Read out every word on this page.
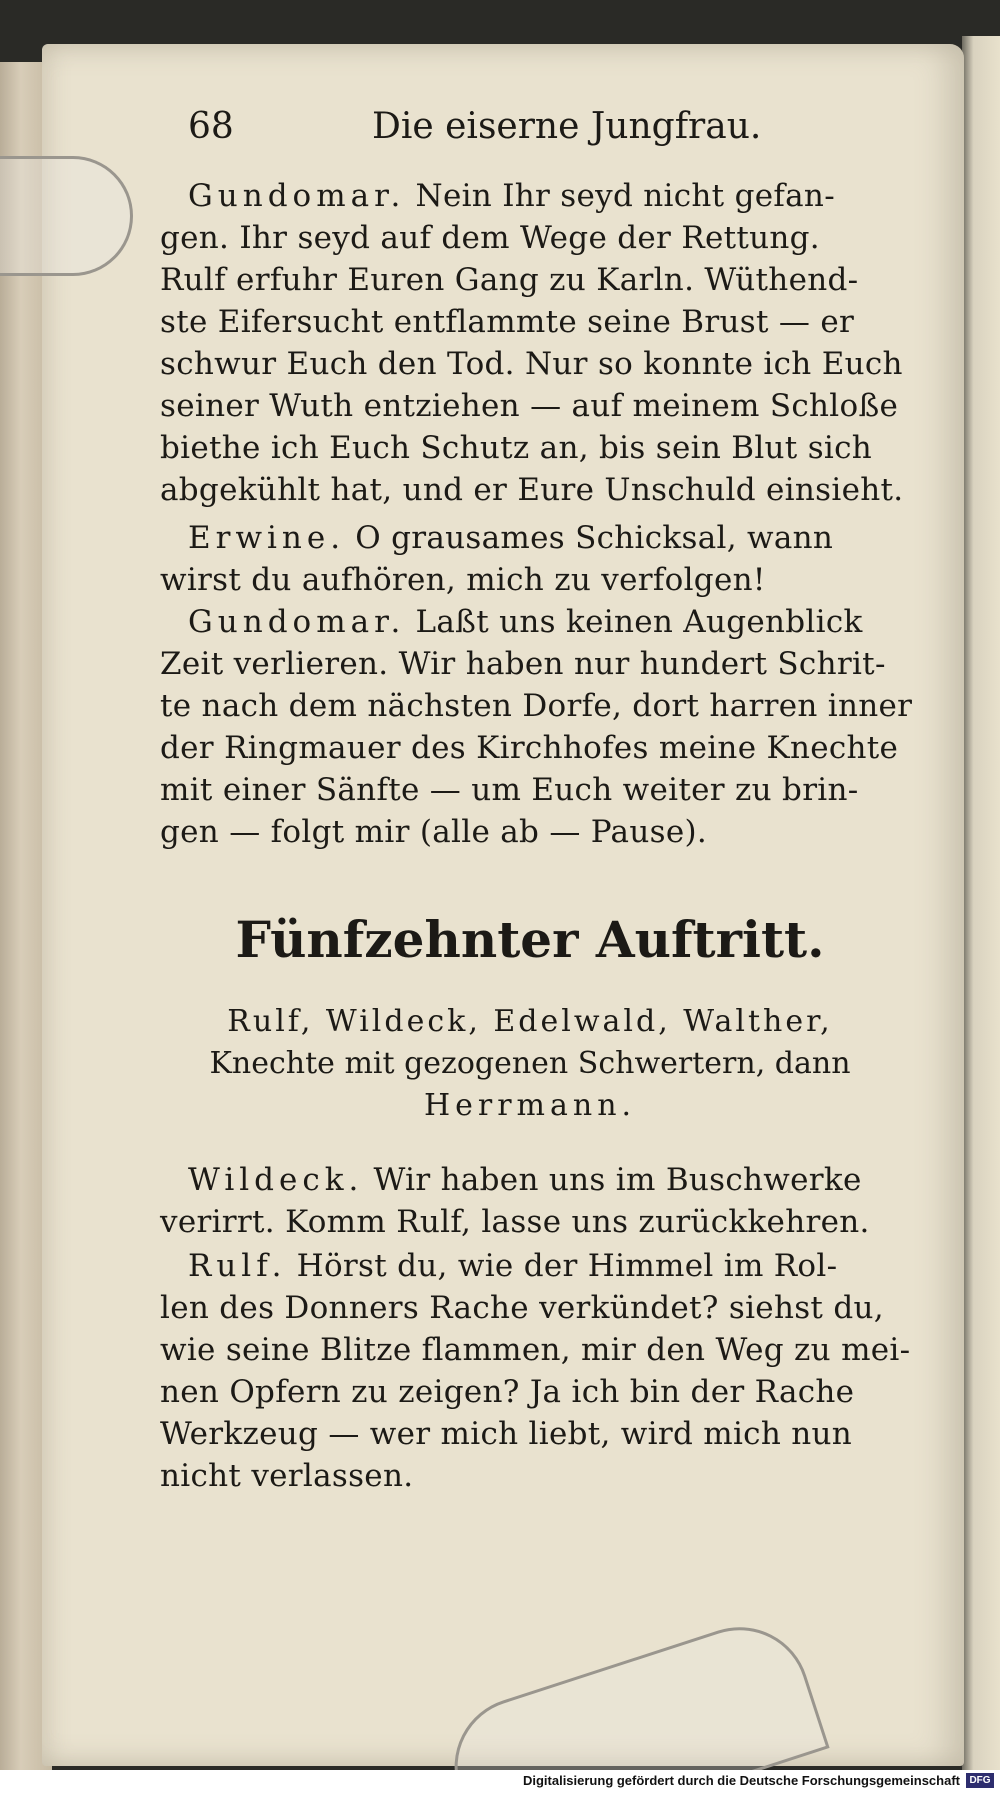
68	Die eiserne Jungfrau.
Gundomar. Nein Ihr seyd nicht gefan-
gen. Ihr seyd auf dem Wege der Rettung.
Rulf erfuhr Euren Gang zu Karln. Wüthend-
ste Eifersucht entflammte seine Brust — er
schwur Euch den Tod. Nur so konnte ich Euch
seiner Wuth entziehen — auf meinem Schloße
biethe ich Euch Schutz an, bis sein Blut sich
abgekühlt hat, und er Eure Unschuld einsieht.
Erwine. O grausames Schicksal, wann
wirst du aufhören, mich zu verfolgen!
Gundomar. Laßt uns keinen Augenblick
Zeit verlieren. Wir haben nur hundert Schrit-
te nach dem nächsten Dorfe, dort harren inner
der Ringmauer des Kirchhofes meine Knechte
mit einer Sänfte — um Euch weiter zu brin-
gen — folgt mir (alle ab — Pause).
Fünfzehnter Auftritt.
Rulf, Wildeck, Edelwald, Walther,
Knechte mit gezogenen Schwertern, dann
Herrmann.
Wildeck. Wir haben uns im Buschwerke
verirrt. Komm Rulf, lasse uns zurückkehren.
Rulf. Hörst du, wie der Himmel im Rol-
len des Donners Rache verkündet? siehst du,
wie seine Blitze flammen, mir den Weg zu mei-
nen Opfern zu zeigen? Ja ich bin der Rache
Werkzeug — wer mich liebt, wird mich nun
nicht verlassen.
Digitalisierung gefördert durch die Deutsche Forschungsgemeinschaft DFG
